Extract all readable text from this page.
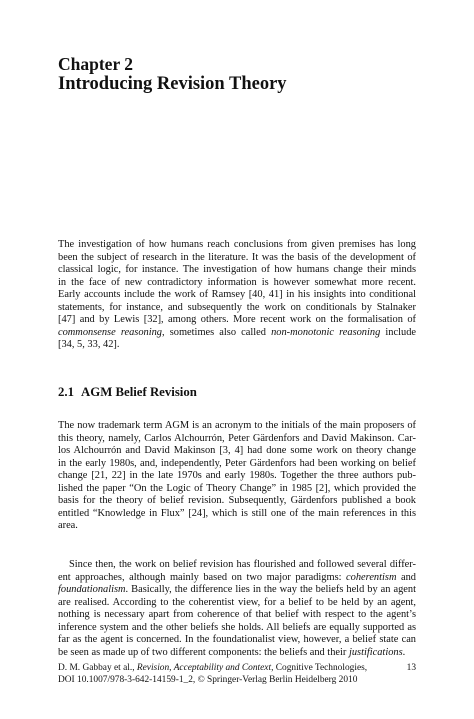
Chapter 2
Introducing Revision Theory
The investigation of how humans reach conclusions from given premises has long
been the subject of research in the literature. It was the basis of the development of
classical logic, for instance. The investigation of how humans change their minds
in the face of new contradictory information is however somewhat more recent.
Early accounts include the work of Ramsey [40, 41] in his insights into conditional
statements, for instance, and subsequently the work on conditionals by Stalnaker
[47] and by Lewis [32], among others. More recent work on the formalisation of
commonsense reasoning, sometimes also called non-monotonic reasoning include
[34, 5, 33, 42].
2.1 AGM Belief Revision
The now trademark term AGM is an acronym to the initials of the main proposers of
this theory, namely, Carlos Alchourrón, Peter Gärdenfors and David Makinson. Car-
los Alchourrón and David Makinson [3, 4] had done some work on theory change
in the early 1980s, and, independently, Peter Gärdenfors had been working on belief
change [21, 22] in the late 1970s and early 1980s. Together the three authors pub-
lished the paper “On the Logic of Theory Change” in 1985 [2], which provided the
basis for the theory of belief revision. Subsequently, Gärdenfors published a book
entitled “Knowledge in Flux” [24], which is still one of the main references in this
area.
Since then, the work on belief revision has flourished and followed several differ-
ent approaches, although mainly based on two major paradigms: coherentism and
foundationalism. Basically, the difference lies in the way the beliefs held by an agent
are realised. According to the coherentist view, for a belief to be held by an agent,
nothing is necessary apart from coherence of that belief with respect to the agent’s
inference system and the other beliefs she holds. All beliefs are equally supported as
far as the agent is concerned. In the foundationalist view, however, a belief state can
be seen as made up of two different components: the beliefs and their justifications.
D. M. Gabbay et al., Revision, Acceptability and Context, Cognitive Technologies,
DOI 10.1007/978-3-642-14159-1_2, © Springer-Verlag Berlin Heidelberg 2010
13
